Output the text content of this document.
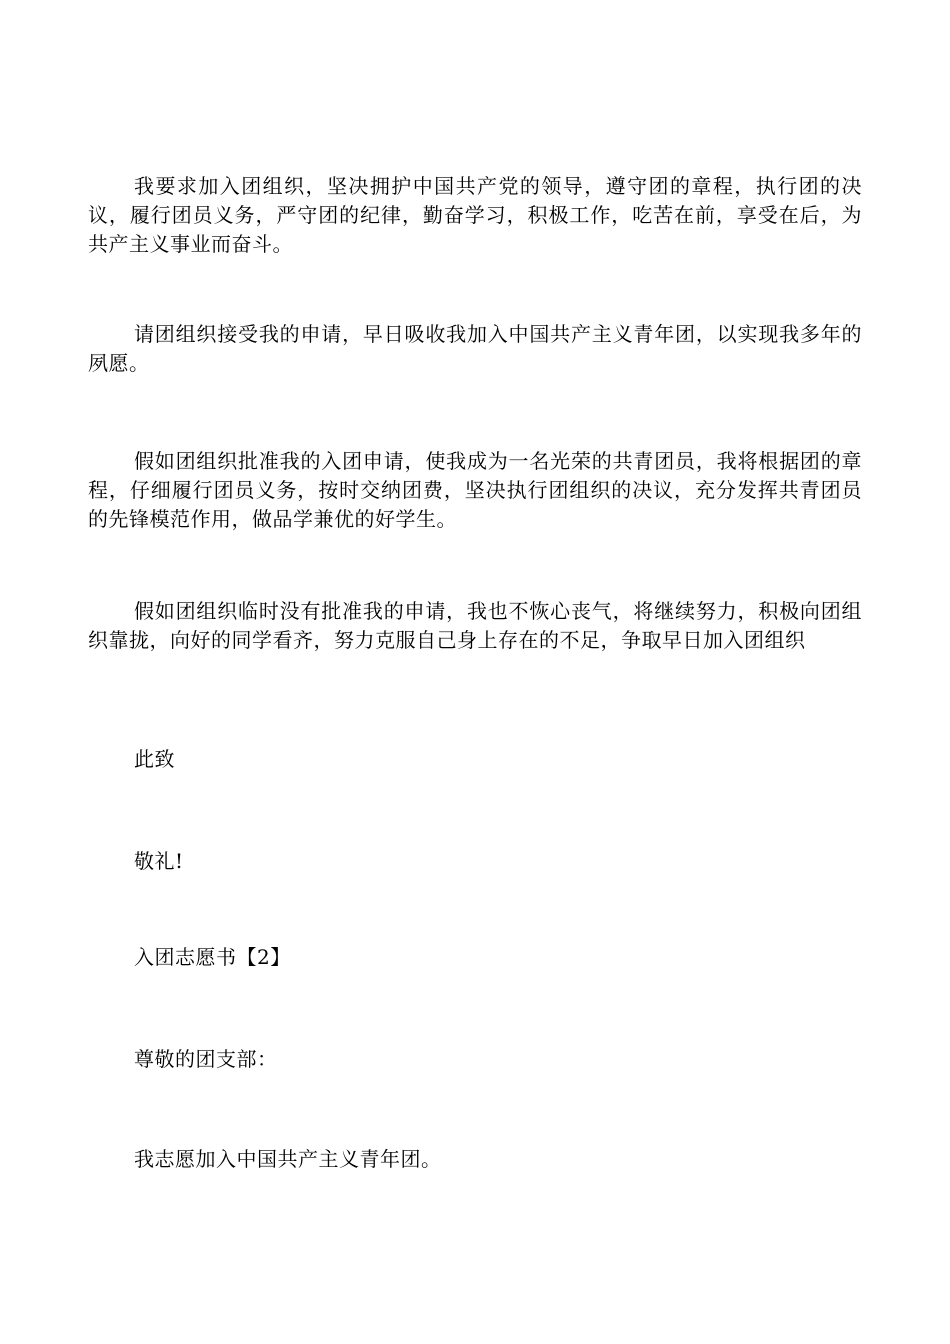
我要求加入团组织，坚决拥护中国共产党的领导，遵守团的章程，执行团的决议，履行团员义务，严守团的纪律，勤奋学习，积极工作，吃苦在前，享受在后，为共产主义事业而奋斗。

请团组织接受我的申请，早日吸收我加入中国共产主义青年团，以实现我多年的夙愿。

假如团组织批准我的入团申请，使我成为一名光荣的共青团员，我将根据团的章程，仔细履行团员义务，按时交纳团费，坚决执行团组织的决议，充分发挥共青团员的先锋模范作用，做品学兼优的好学生。

假如团组织临时没有批准我的申请，我也不恢心丧气，将继续努力，积极向团组织靠拢，向好的同学看齐，努力克服自己身上存在的不足，争取早日加入团组织

此致

敬礼!

入团志愿书【2】

尊敬的团支部：

我志愿加入中国共产主义青年团。
